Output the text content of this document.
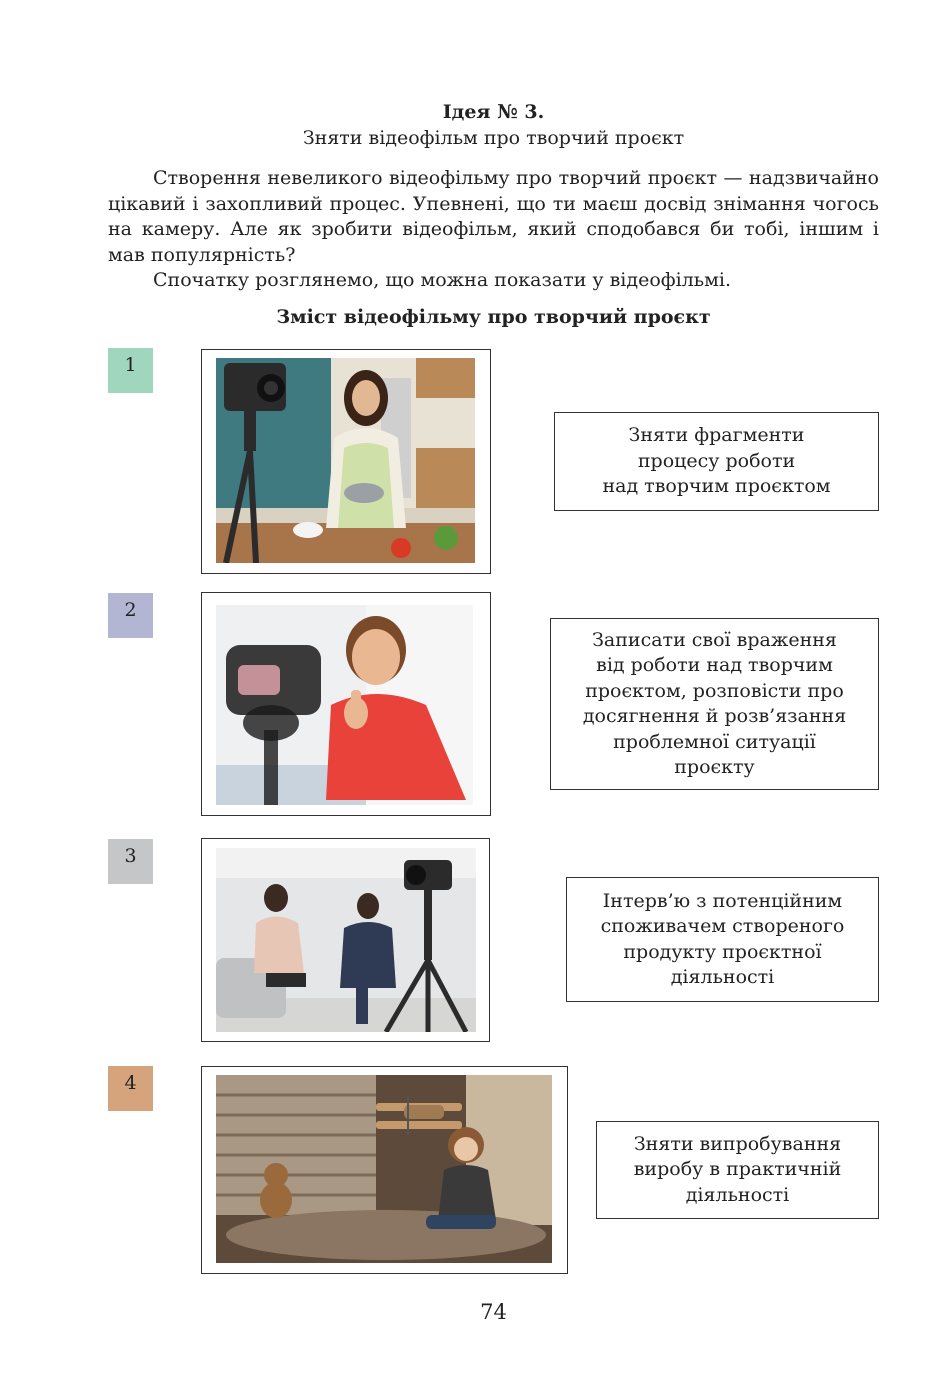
Ідея № 3.
Зняти відеофільм про творчий проєкт

Створення невеликого відеофільму про творчий проєкт — надзвичайно цікавий і захопливий процес. Упевнені, що ти маєш досвід знімання чогось на камеру. Але як зробити відеофільм, який сподобався би тобі, іншим і мав популярність?

Спочатку розглянемо, що можна показати у відеофільмі.

Зміст відеофільму про творчий проєкт
1
Зняти фрагменти
процесу роботи
над творчим проєктом
2
Записати свої враження
від роботи над творчим
проєктом, розповісти про
досягнення й розв’язання
проблемної ситуації
проєкту
3
Інтерв’ю з потенційним
споживачем створеного
продукту проєктної
діяльності
4
Зняти випробування
виробу в практичній
діяльності
74
